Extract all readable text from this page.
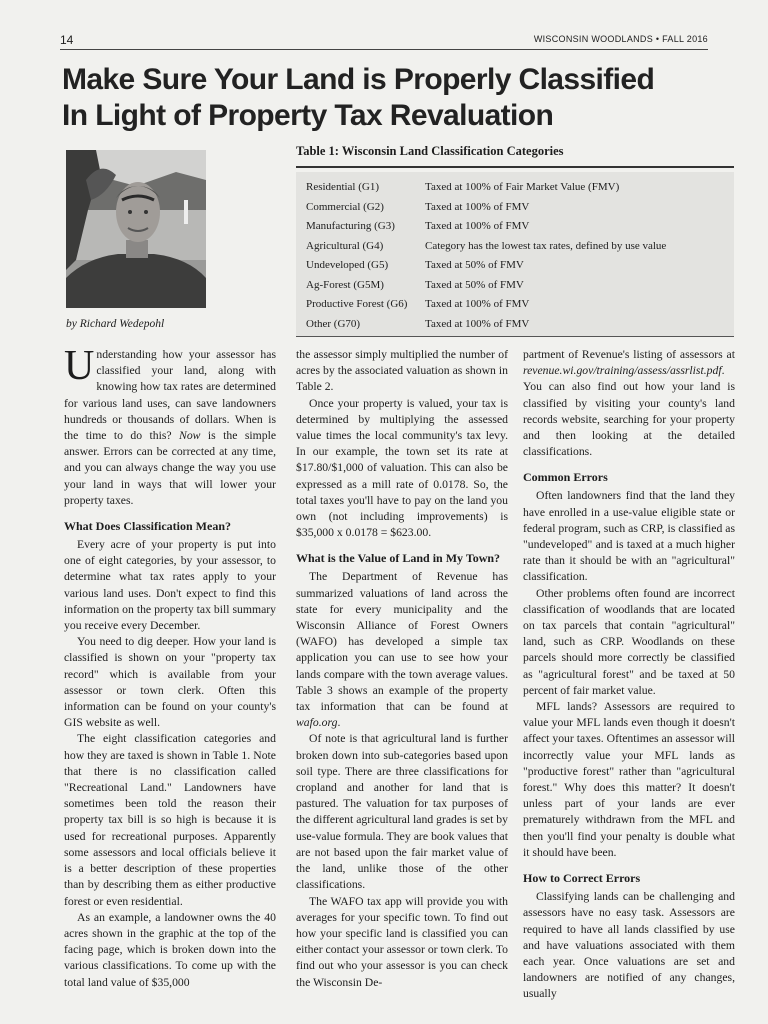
14	WISCONSIN WOODLANDS • FALL 2016
Make Sure Your Land is Properly Classified
In Light of Property Tax Revaluation
by Richard Wedepohl
Table 1: Wisconsin Land Classification Categories
Residential (G1)	Taxed at 100% of Fair Market Value (FMV)
Commercial (G2)	Taxed at 100% of FMV
Manufacturing (G3)	Taxed at 100% of FMV
Agricultural (G4)	Category has the lowest tax rates, defined by use value
Undeveloped (G5)	Taxed at 50% of FMV
Ag-Forest (G5M)	Taxed at 50% of FMV
Productive Forest (G6) Taxed at 100% of FMV
Other (G70)	Taxed at 100% of FMV

Understanding how your assessor has classified your land, along with knowing how tax rates are determined for various land uses, can save landowners hundreds or thousands of dollars. When is the time to do this? Now is the simple answer. Errors can be corrected at any time, and you can always change the way you use your land in ways that will lower your property taxes.

What Does Classification Mean?

Every acre of your property is put into one of eight categories, by your assessor, to determine what tax rates apply to your various land uses. Don't expect to find this information on the property tax bill summary you receive every December.

You need to dig deeper. How your land is classified is shown on your "property tax record" which is available from your assessor or town clerk. Often this information can be found on your county's GIS website as well.

The eight classification categories and how they are taxed is shown in Table 1. Note that there is no classification called "Recreational Land." Landowners have sometimes been told the reason their property tax bill is so high is because it is used for recreational purposes. Apparently some assessors and local officials believe it is a better description of these properties than by describing them as either productive forest or even residential.

As an example, a landowner owns the 40 acres shown in the graphic at the top of the facing page, which is broken down into the various classifications. To come up with the total land value of $35,000

the assessor simply multiplied the number of acres by the associated valuation as shown in Table 2.

Once your property is valued, your tax is determined by multiplying the assessed value times the local community's tax levy. In our example, the town set its rate at $17.80/$1,000 of valuation. This can also be expressed as a mill rate of 0.0178. So, the total taxes you'll have to pay on the land you own (not including improvements) is $35,000 x 0.0178 = $623.00.

What is the Value of Land in My Town?

The Department of Revenue has summarized valuations of land across the state for every municipality and the Wisconsin Alliance of Forest Owners (WAFO) has developed a simple tax application you can use to see how your lands compare with the town average values. Table 3 shows an example of the property tax information that can be found at wafo.org.

Of note is that agricultural land is further broken down into sub-categories based upon soil type. There are three classifications for cropland and another for land that is pastured. The valuation for tax purposes of the different agricultural land grades is set by use-value formula. They are book values that are not based upon the fair market value of the land, unlike those of the other classifications.

The WAFO tax app will provide you with averages for your specific town. To find out how your specific land is classified you can either contact your assessor or town clerk. To find out who your assessor is you can check the Wisconsin De-

partment of Revenue's listing of assessors at revenue.wi.gov/training/assess/assrlist.pdf. You can also find out how your land is classified by visiting your county's land records website, searching for your property and then looking at the detailed classifications.

Common Errors

Often landowners find that the land they have enrolled in a use-value eligible state or federal program, such as CRP, is classified as "undeveloped" and is taxed at a much higher rate than it should be with an "agricultural" classification.

Other problems often found are incorrect classification of woodlands that are located on tax parcels that contain "agricultural" land, such as CRP. Woodlands on these parcels should more correctly be classified as "agricultural forest" and be taxed at 50 percent of fair market value.

MFL lands? Assessors are required to value your MFL lands even though it doesn't affect your taxes. Oftentimes an assessor will incorrectly value your MFL lands as "productive forest" rather than "agricultural forest." Why does this matter? It doesn't unless part of your lands are ever prematurely withdrawn from the MFL and then you'll find your penalty is double what it should have been.

How to Correct Errors

Classifying lands can be challenging and assessors have no easy task. Assessors are required to have all lands classified by use and have valuations associated with them each year. Once valuations are set and landowners are notified of any changes, usually
